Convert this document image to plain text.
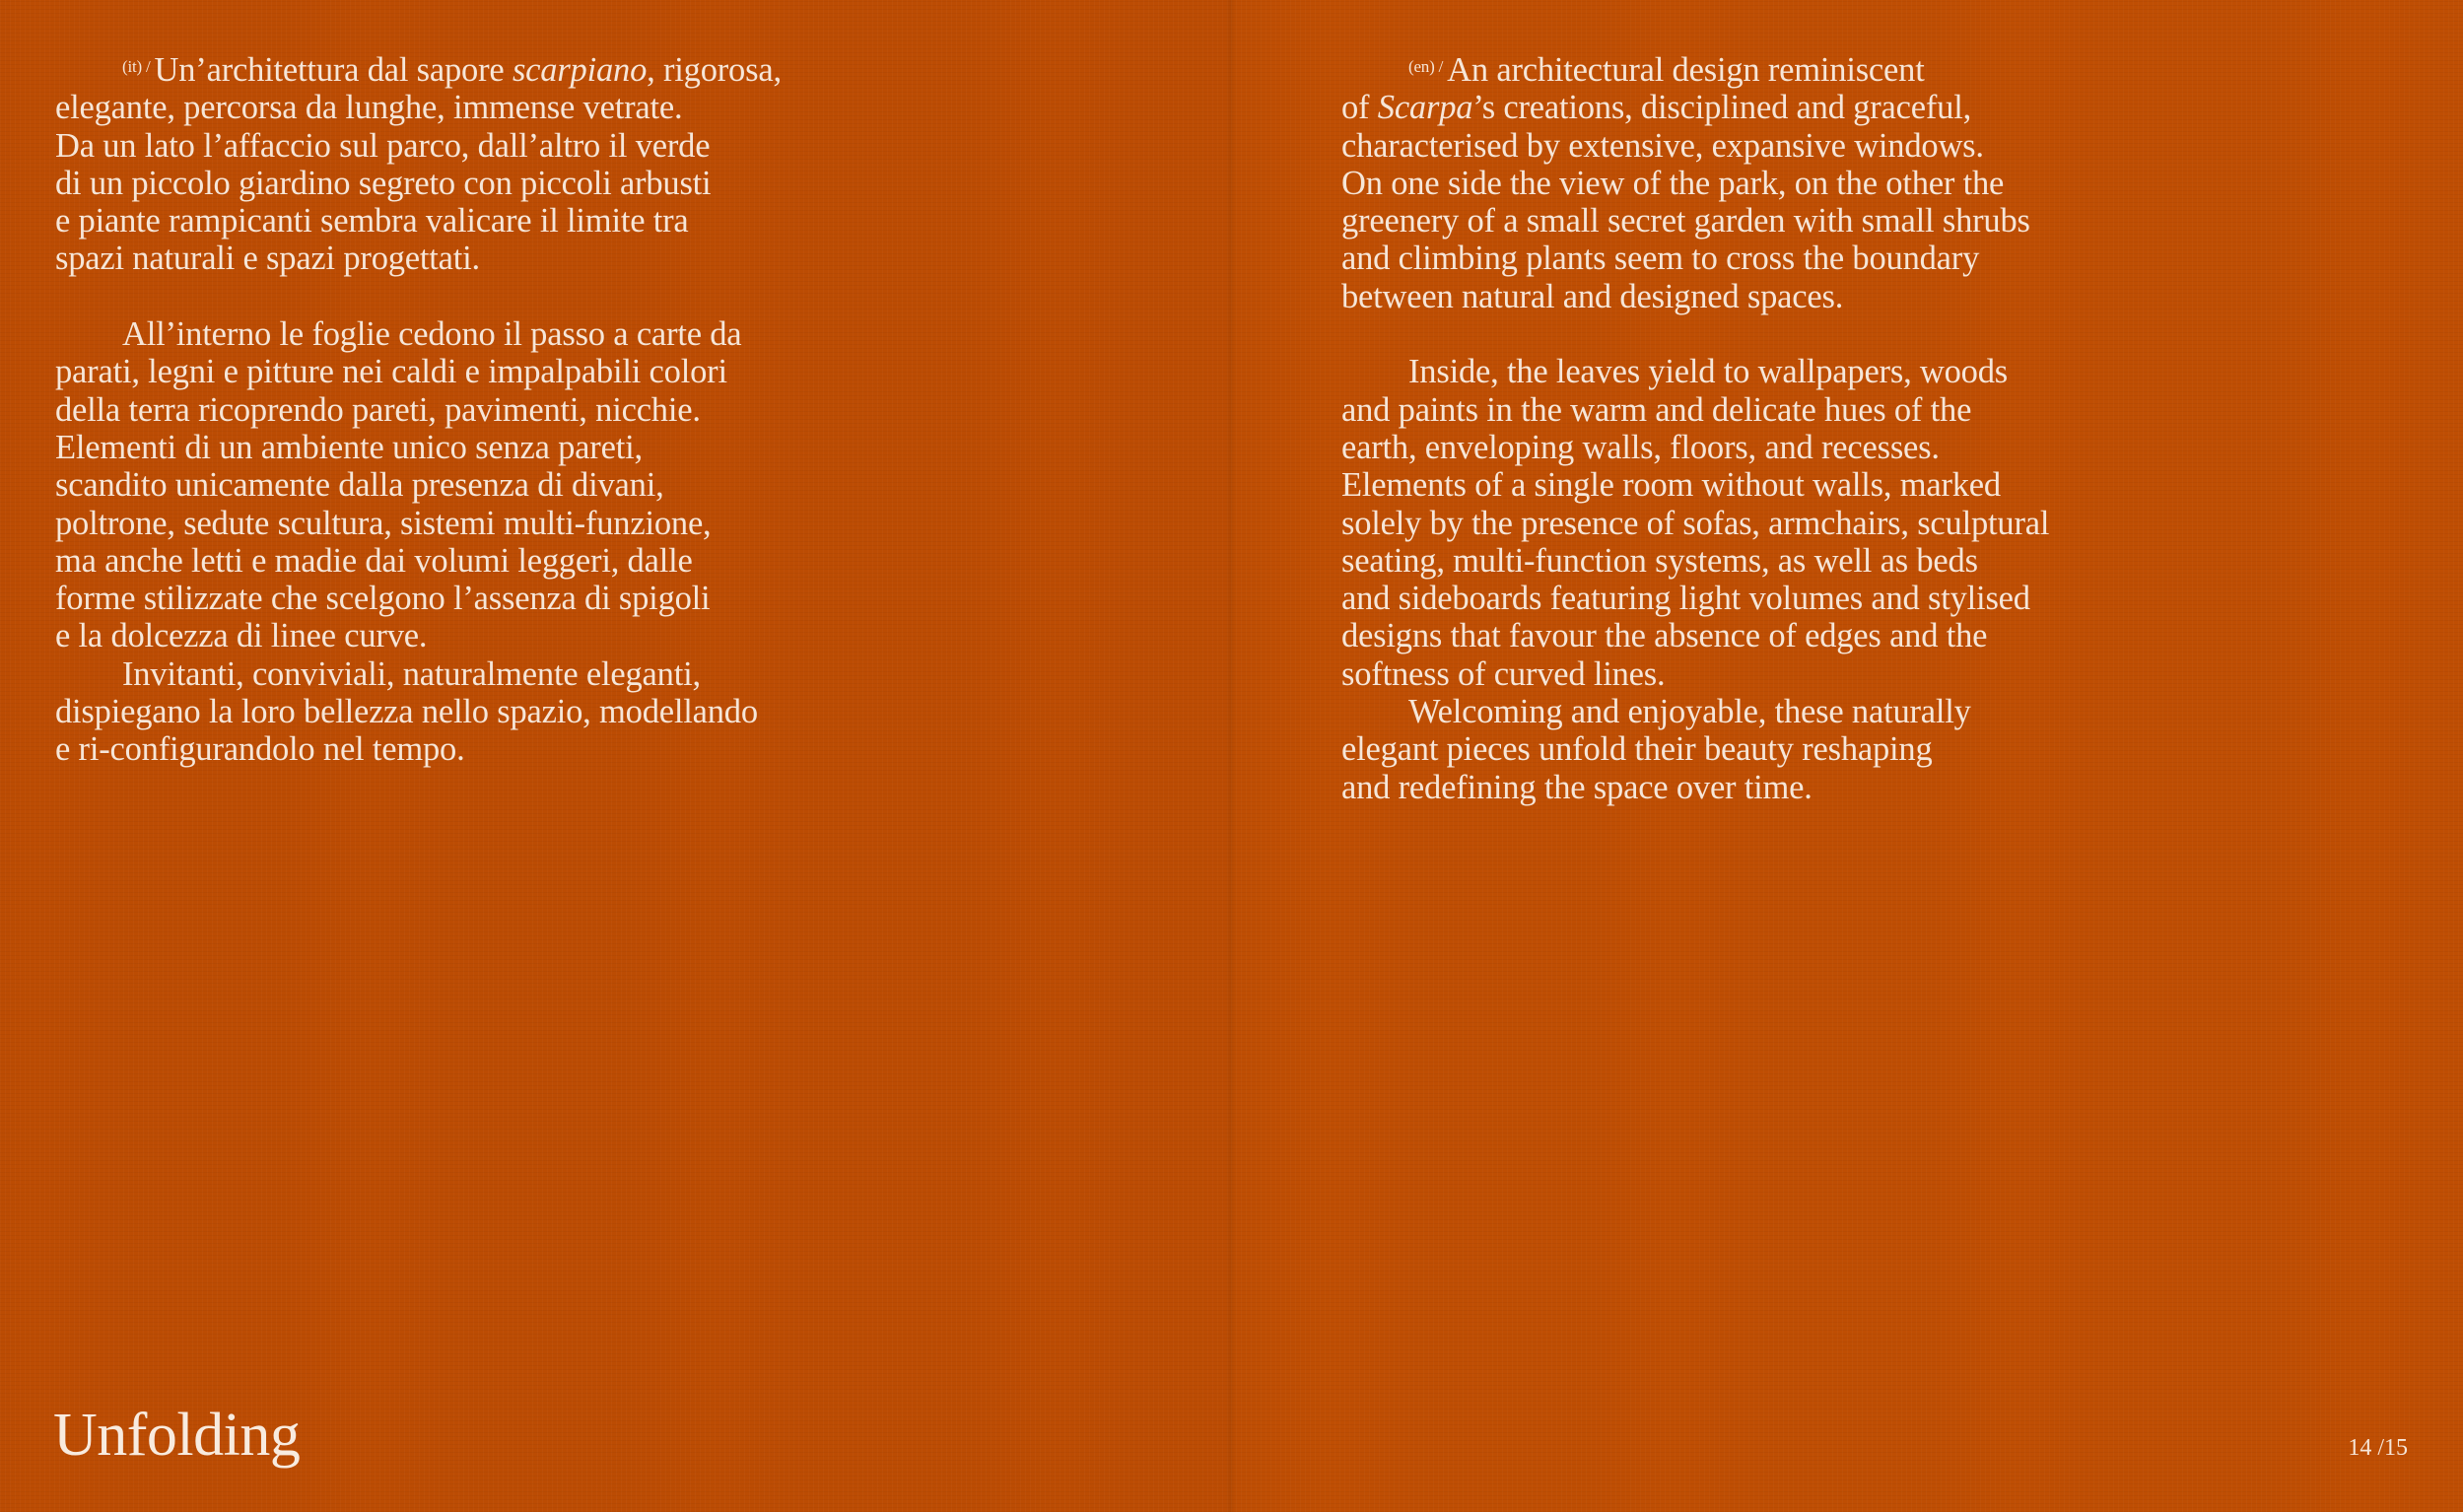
$^{(it) /}$ Un’architettura dal sapore scarpiano, rigorosa,
elegante, percorsa da lunghe, immense vetrate.
Da un lato l’affaccio sul parco, dall’altro il verde
di un piccolo giardino segreto con piccoli arbusti
e piante rampicanti sembra valicare il limite tra
spazi naturali e spazi progettati.
All’interno le foglie cedono il passo a carte da
parati, legni e pitture nei caldi e impalpabili colori
della terra ricoprendo pareti, pavimenti, nicchie.
Elementi di un ambiente unico senza pareti,
scandito unicamente dalla presenza di divani,
poltrone, sedute scultura, sistemi multi-funzione,
ma anche letti e madie dai volumi leggeri, dalle
forme stilizzate che scelgono l’assenza di spigoli
e la dolcezza di linee curve.
Invitanti, conviviali, naturalmente eleganti,
dispiegano la loro bellezza nello spazio, modellando
e ri-configurandolo nel tempo.
$^{(en) /}$ An architectural design reminiscent
of Scarpa’s creations, disciplined and graceful,
characterised by extensive, expansive windows.
On one side the view of the park, on the other the
greenery of a small secret garden with small shrubs
and climbing plants seem to cross the boundary
between natural and designed spaces.
Inside, the leaves yield to wallpapers, woods
and paints in the warm and delicate hues of the
earth, enveloping walls, floors, and recesses.
Elements of a single room without walls, marked
solely by the presence of sofas, armchairs, sculptural
seating, multi-function systems, as well as beds
and sideboards featuring light volumes and stylised
designs that favour the absence of edges and the
softness of curved lines.
Welcoming and enjoyable, these naturally
elegant pieces unfold their beauty reshaping
and redefining the space over time.
Unfolding	14 /15
